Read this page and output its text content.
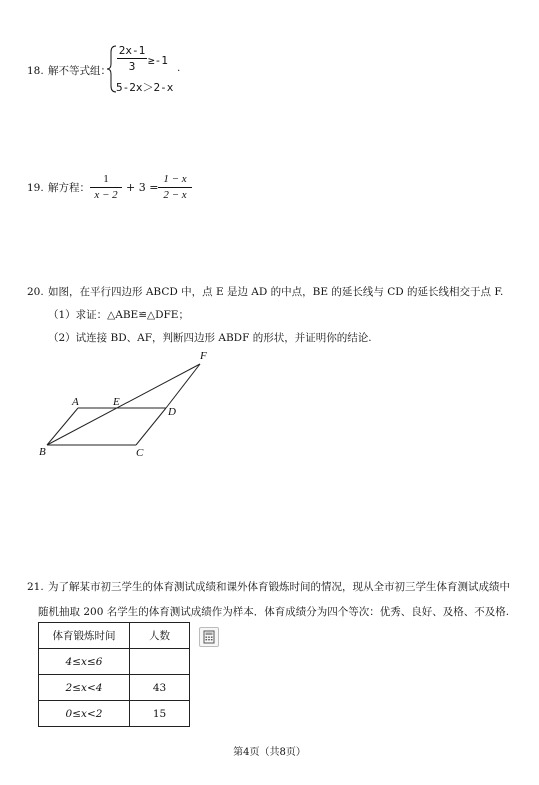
18. 解不等式组：
2x-1
3	≥-1
.
5-2x＞2-x
19. 解方程：
1
x − 2
+ 3 =
1 − x
2 − x
20. 如图，在平行四边形 ABCD 中，点 E 是边 AD 的中点，BE 的延长线与 CD 的延长线相交于点 F.
（1）求证：△ABE≌△DFE；
（2）试连接 BD、AF，判断四边形 ABDF 的形状，并证明你的结论.
F
A	E
D
B	C
21. 为了解某市初三学生的体育测试成绩和课外体育锻炼时间的情况，现从全市初三学生体育测试成绩中
随机抽取 200 名学生的体育测试成绩作为样本．体育成绩分为四个等次：优秀、良好、及格、不及格.
体育锻炼时间	人数
4≤x≤6	
2≤x<4	43
0≤x<2	15
第4页（共8页）
